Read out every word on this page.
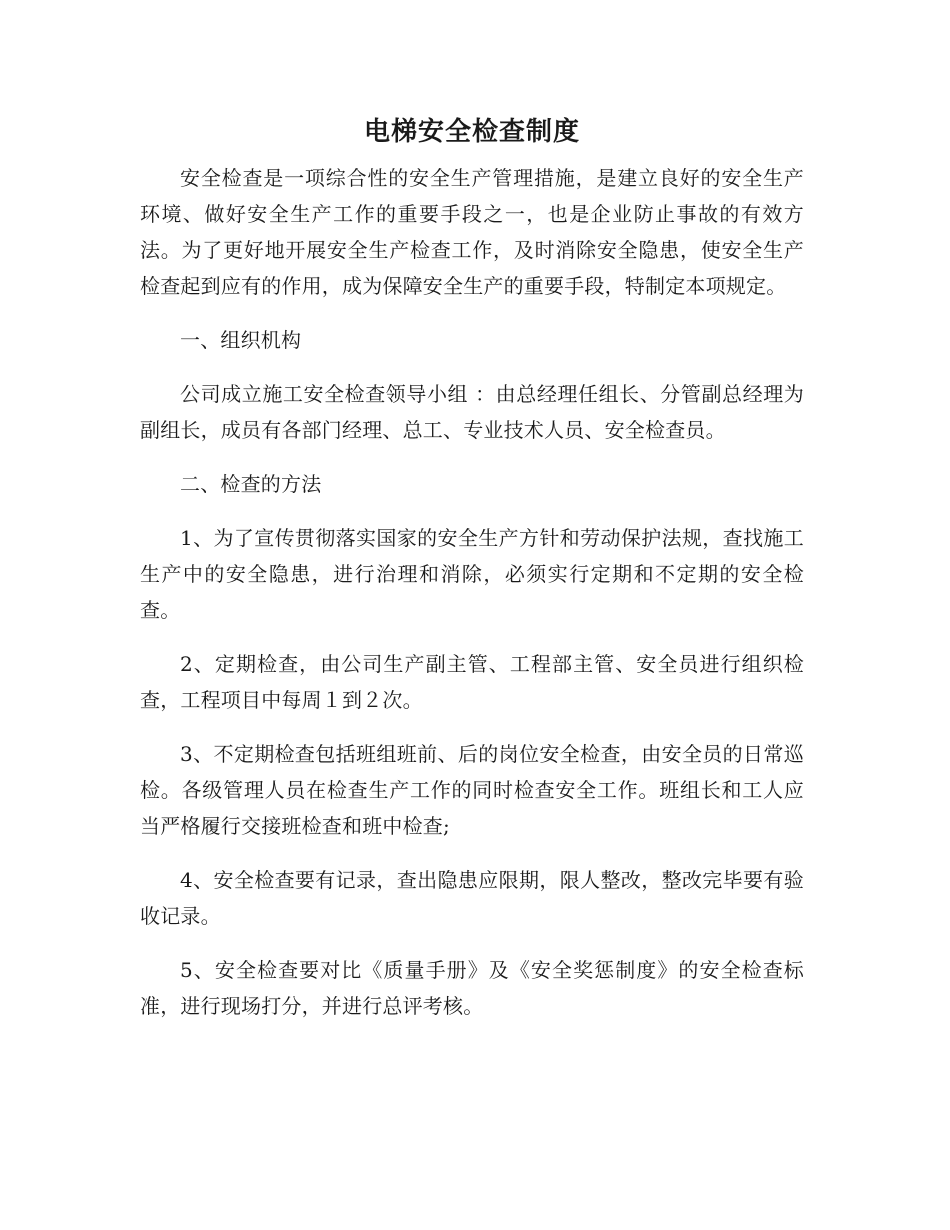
电梯安全检查制度

安全检查是一项综合性的安全生产管理措施，是建立良好的安全生产环境、做好安全生产工作的重要手段之一，也是企业防止事故的有效方法。为了更好地开展安全生产检查工作，及时消除安全隐患，使安全生产检查起到应有的作用，成为保障安全生产的重要手段，特制定本项规定。

一、组织机构

公司成立施工安全检查领导小组 ：由总经理任组长、分管副总经理为副组长，成员有各部门经理、总工、专业技术人员、安全检查员。

二、检查的方法

1、为了宣传贯彻落实国家的安全生产方针和劳动保护法规，查找施工生产中的安全隐患，进行治理和消除，必须实行定期和不定期的安全检查。

2、定期检查，由公司生产副主管、工程部主管、安全员进行组织检查，工程项目中每周１到２次。

3、不定期检查包括班组班前、后的岗位安全检查，由安全员的日常巡检。各级管理人员在检查生产工作的同时检查安全工作。班组长和工人应当严格履行交接班检查和班中检查;

4、安全检查要有记录，查出隐患应限期，限人整改，整改完毕要有验收记录。

5、安全检查要对比《质量手册》及《安全奖惩制度》的安全检查标准，进行现场打分，并进行总评考核。
